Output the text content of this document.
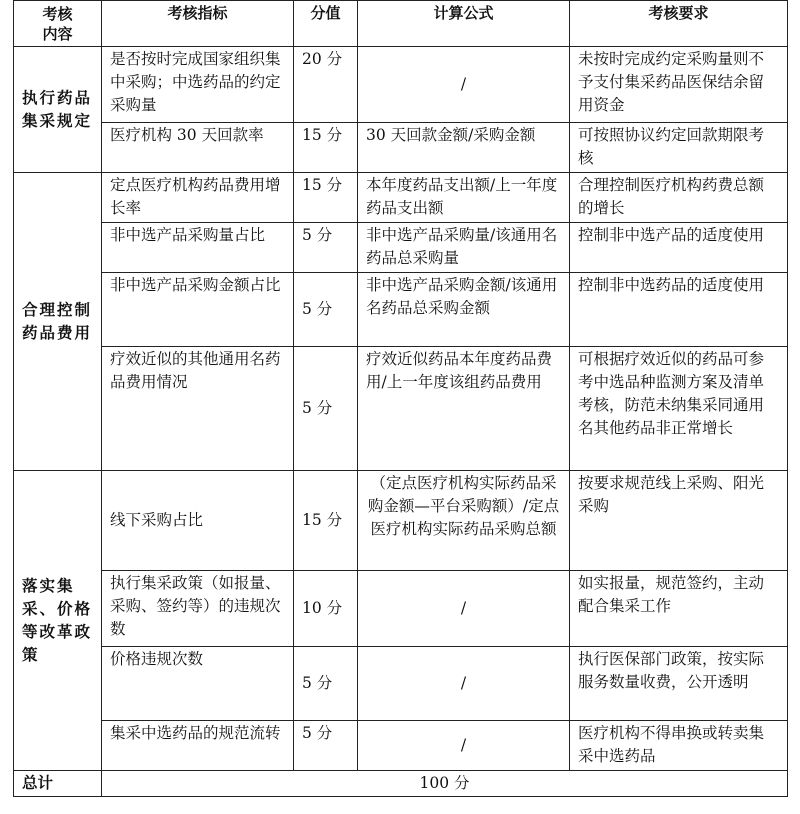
考核
内容	考核指标	分值	计算公式	考核要求
执行药品集采规定	是否按时完成国家组织集中采购；中选药品的约定采购量	20 分	/	未按时完成约定采购量则不予支付集采药品医保结余留用资金
	医疗机构 30 天回款率	15 分	30 天回款金额/采购金额	可按照协议约定回款期限考核
合理控制药品费用	定点医疗机构药品费用增长率	15 分	本年度药品支出额/上一年度药品支出额	合理控制医疗机构药费总额的增长
	非中选产品采购量占比	5 分	非中选产品采购量/该通用名药品总采购量	控制非中选产品的适度使用
	非中选产品采购金额占比	5 分	非中选产品采购金额/该通用名药品总采购金额	控制非中选药品的适度使用
	疗效近似的其他通用名药品费用情况	5 分	疗效近似药品本年度药品费用/上一年度该组药品费用	可根据疗效近似的药品可参考中选品种监测方案及清单考核，防范未纳集采同通用名其他药品非正常增长
落实集采、价格等改革政策	线下采购占比	15 分	（定点医疗机构实际药品采购金额—平台采购额）/定点医疗机构实际药品采购总额	按要求规范线上采购、阳光采购
	执行集采政策（如报量、采购、签约等）的违规次数	10 分	/	如实报量，规范签约，主动配合集采工作
	价格违规次数	5 分	/	执行医保部门政策，按实际服务数量收费，公开透明
	集采中选药品的规范流转	5 分	/	医疗机构不得串换或转卖集采中选药品
总计	100 分			
